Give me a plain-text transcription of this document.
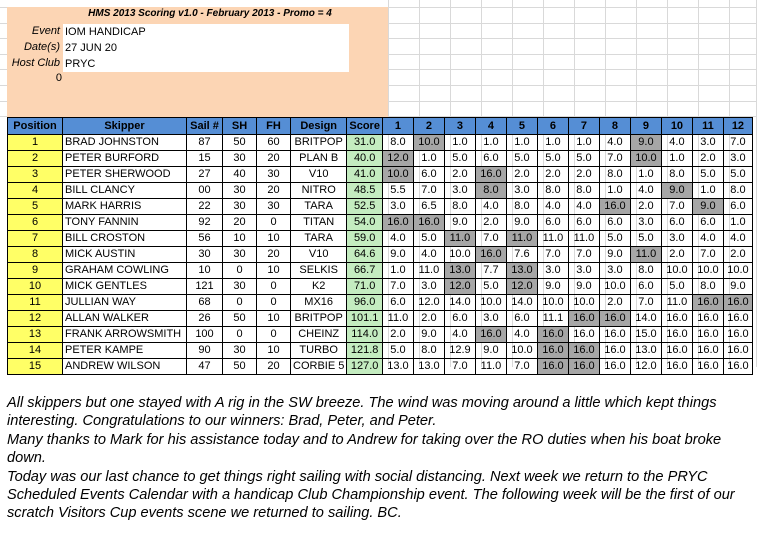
HMS 2013 Scoring v1.0 - February 2013 - Promo = 4
Event IOM HANDICAP
Date(s) 27 JUN 20
Host Club PRYC
0
Position	Skipper	Sail #	SH	FH	Design	Score	1	2	3	4	5	6	7	8	9	10	11	12
1	BRAD JOHNSTON	87	50	60	BRITPOP	31.0	8.0	10.0	1.0	1.0	1.0	1.0	1.0	4.0	9.0	4.0	3.0	7.0
2	PETER BURFORD	15	30	20	PLAN B	40.0	12.0	1.0	5.0	6.0	5.0	5.0	5.0	7.0	10.0	1.0	2.0	3.0
3	PETER SHERWOOD	27	40	30	V10	41.0	10.0	6.0	2.0	16.0	2.0	2.0	2.0	8.0	1.0	8.0	5.0	5.0
4	BILL CLANCY	00	30	20	NITRO	48.5	5.5	7.0	3.0	8.0	3.0	8.0	8.0	1.0	4.0	9.0	1.0	8.0
5	MARK HARRIS	22	30	30	TARA	52.5	3.0	6.5	8.0	4.0	8.0	4.0	4.0	16.0	2.0	7.0	9.0	6.0
6	TONY FANNIN	92	20	0	TITAN	54.0	16.0	16.0	9.0	2.0	9.0	6.0	6.0	6.0	3.0	6.0	6.0	1.0
7	BILL CROSTON	56	10	10	TARA	59.0	4.0	5.0	11.0	7.0	11.0	11.0	11.0	5.0	5.0	3.0	4.0	4.0
8	MICK AUSTIN	30	30	20	V10	64.6	9.0	4.0	10.0	16.0	7.6	7.0	7.0	9.0	11.0	2.0	7.0	2.0
9	GRAHAM COWLING	10	0	10	SELKIS	66.7	1.0	11.0	13.0	7.7	13.0	3.0	3.0	3.0	8.0	10.0	10.0	10.0
10	MICK GENTLES	121	30	0	K2	71.0	7.0	3.0	12.0	5.0	12.0	9.0	9.0	10.0	6.0	5.0	8.0	9.0
11	JULLIAN WAY	68	0	0	MX16	96.0	6.0	12.0	14.0	10.0	14.0	10.0	10.0	2.0	7.0	11.0	16.0	16.0
12	ALLAN WALKER	26	50	10	BRITPOP	101.1	11.0	2.0	6.0	3.0	6.0	11.1	16.0	16.0	14.0	16.0	16.0	16.0
13	FRANK ARROWSMITH	100	0	0	CHEINZ	114.0	2.0	9.0	4.0	16.0	4.0	16.0	16.0	16.0	15.0	16.0	16.0	16.0
14	PETER KAMPE	90	30	10	TURBO	121.8	5.0	8.0	12.9	9.0	10.0	16.0	16.0	16.0	13.0	16.0	16.0	16.0
15	ANDREW WILSON	47	50	20	CORBIE 5	127.0	13.0	13.0	7.0	11.0	7.0	16.0	16.0	16.0	12.0	16.0	16.0	16.0

All skippers but one stayed with A rig in the SW breeze. The wind was moving around a little which kept things interesting. Congratulations to our winners: Brad, Peter, and Peter.

Many thanks to Mark for his assistance today and to Andrew for taking over the RO duties when his boat broke down.

Today was our last chance to get things right sailing with social distancing. Next week we return to the PRYC Scheduled Events Calendar with a handicap Club Championship event. The following week will be the first of our scratch Visitors Cup events scene we returned to sailing. BC.
